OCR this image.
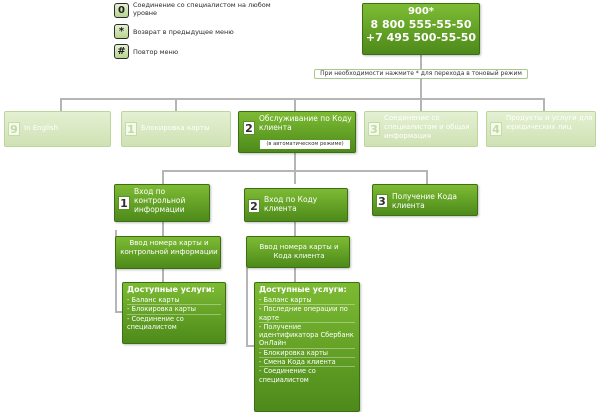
0	Соединение со специалистом на любом уровне
*	Возврат в предыдущее меню
#	Повтор меню
900*
8 800 555-55-50
+7 495 500-55-50
При необходимости нажмите * для перехода в тоновый режим
9 In English	1 Блокировка карты	2
Обслуживание по Коду клиента
(в автоматическом режиме)
3
Соединение со специалистом и общая информация
4
Продукты и услуги для юридических лиц
1
Вход по контрольной информации	2 Вход по Коду клиента
3 Получение Кода клиента
Ввод номера карты и контрольной информации
Ввод номера карты и Кода клиента
Доступные услуги:
- Баланс карты
- Блокировка карты
- Соединение со специалистом
Доступные услуги:
- Баланс карты
- Последние операции по карте
- Получение идентификатора Сбербанк ОнЛайн
- Блокировка карты
- Смена Кода клиента
- Соединение со специалистом
